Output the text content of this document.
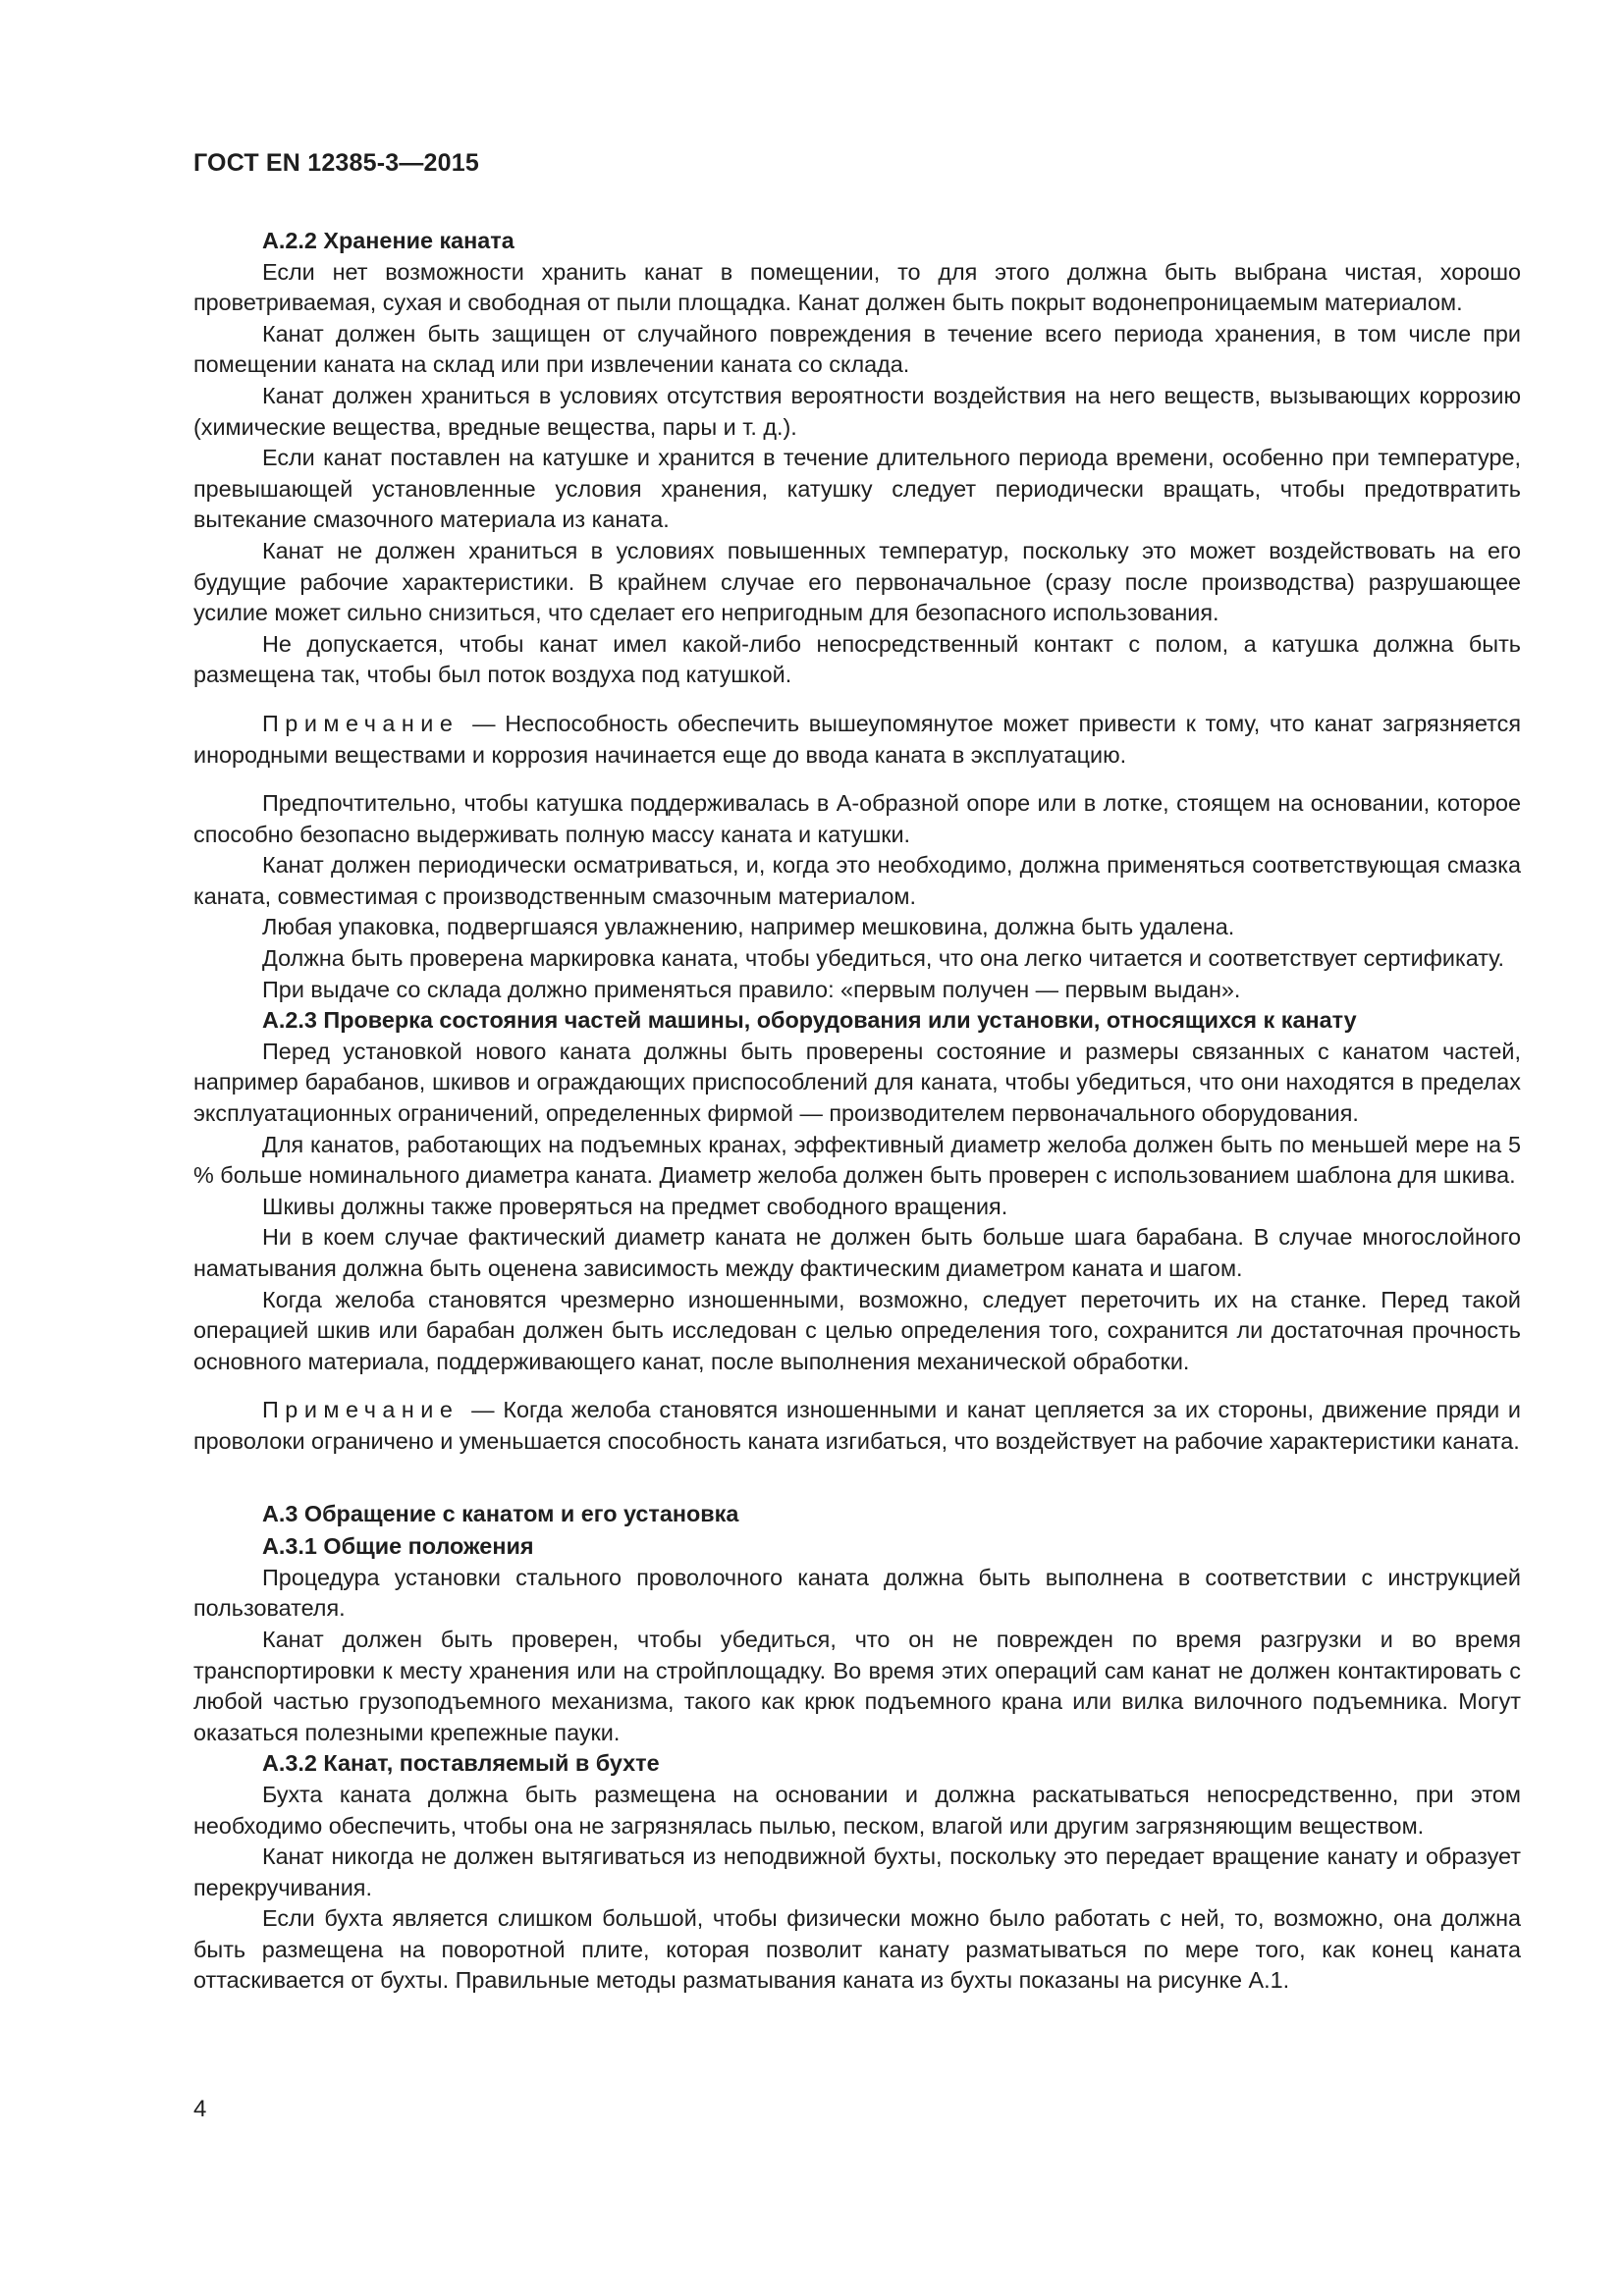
ГОСТ EN 12385-3—2015

А.2.2 Хранение каната

Если нет возможности хранить канат в помещении, то для этого должна быть выбрана чистая, хорошо проветриваемая, сухая и свободная от пыли площадка. Канат должен быть покрыт водонепроницаемым материалом.

Канат должен быть защищен от случайного повреждения в течение всего периода хранения, в том числе при помещении каната на склад или при извлечении каната со склада.

Канат должен храниться в условиях отсутствия вероятности воздействия на него веществ, вызывающих коррозию (химические вещества, вредные вещества, пары и т. д.).

Если канат поставлен на катушке и хранится в течение длительного периода времени, особенно при температуре, превышающей установленные условия хранения, катушку следует периодически вращать, чтобы предотвратить вытекание смазочного материала из каната.

Канат не должен храниться в условиях повышенных температур, поскольку это может воздействовать на его будущие рабочие характеристики. В крайнем случае его первоначальное (сразу после производства) разрушающее усилие может сильно снизиться, что сделает его непригодным для безопасного использования.

Не допускается, чтобы канат имел какой-либо непосредственный контакт с полом, а катушка должна быть размещена так, чтобы был поток воздуха под катушкой.

Примечание — Неспособность обеспечить вышеупомянутое может привести к тому, что канат загрязняется инородными веществами и коррозия начинается еще до ввода каната в эксплуатацию.

Предпочтительно, чтобы катушка поддерживалась в А-образной опоре или в лотке, стоящем на основании, которое способно безопасно выдерживать полную массу каната и катушки.

Канат должен периодически осматриваться, и, когда это необходимо, должна применяться соответствующая смазка каната, совместимая с производственным смазочным материалом.

Любая упаковка, подвергшаяся увлажнению, например мешковина, должна быть удалена.

Должна быть проверена маркировка каната, чтобы убедиться, что она легко читается и соответствует сертификату.

При выдаче со склада должно применяться правило: «первым получен — первым выдан».

А.2.3 Проверка состояния частей машины, оборудования или установки, относящихся к канату

Перед установкой нового каната должны быть проверены состояние и размеры связанных с канатом частей, например барабанов, шкивов и ограждающих приспособлений для каната, чтобы убедиться, что они находятся в пределах эксплуатационных ограничений, определенных фирмой — производителем первоначального оборудования.

Для канатов, работающих на подъемных кранах, эффективный диаметр желоба должен быть по меньшей мере на 5 % больше номинального диаметра каната. Диаметр желоба должен быть проверен с использованием шаблона для шкива.

Шкивы должны также проверяться на предмет свободного вращения.

Ни в коем случае фактический диаметр каната не должен быть больше шага барабана. В случае многослойного наматывания должна быть оценена зависимость между фактическим диаметром каната и шагом.

Когда желоба становятся чрезмерно изношенными, возможно, следует переточить их на станке. Перед такой операцией шкив или барабан должен быть исследован с целью определения того, сохранится ли достаточная прочность основного материала, поддерживающего канат, после выполнения механической обработки.

Примечание — Когда желоба становятся изношенными и канат цепляется за их стороны, движение пряди и проволоки ограничено и уменьшается способность каната изгибаться, что воздействует на рабочие характеристики каната.

А.3 Обращение с канатом и его установка

А.3.1 Общие положения

Процедура установки стального проволочного каната должна быть выполнена в соответствии с инструкцией пользователя.

Канат должен быть проверен, чтобы убедиться, что он не поврежден по время разгрузки и во время транспортировки к месту хранения или на стройплощадку. Во время этих операций сам канат не должен контактировать с любой частью грузоподъемного механизма, такого как крюк подъемного крана или вилка вилочного подъемника. Могут оказаться полезными крепежные пауки.

А.3.2 Канат, поставляемый в бухте

Бухта каната должна быть размещена на основании и должна раскатываться непосредственно, при этом необходимо обеспечить, чтобы она не загрязнялась пылью, песком, влагой или другим загрязняющим веществом.

Канат никогда не должен вытягиваться из неподвижной бухты, поскольку это передает вращение канату и образует перекручивания.

Если бухта является слишком большой, чтобы физически можно было работать с ней, то, возможно, она должна быть размещена на поворотной плите, которая позволит канату разматываться по мере того, как конец каната оттаскивается от бухты. Правильные методы разматывания каната из бухты показаны на рисунке А.1.

4
